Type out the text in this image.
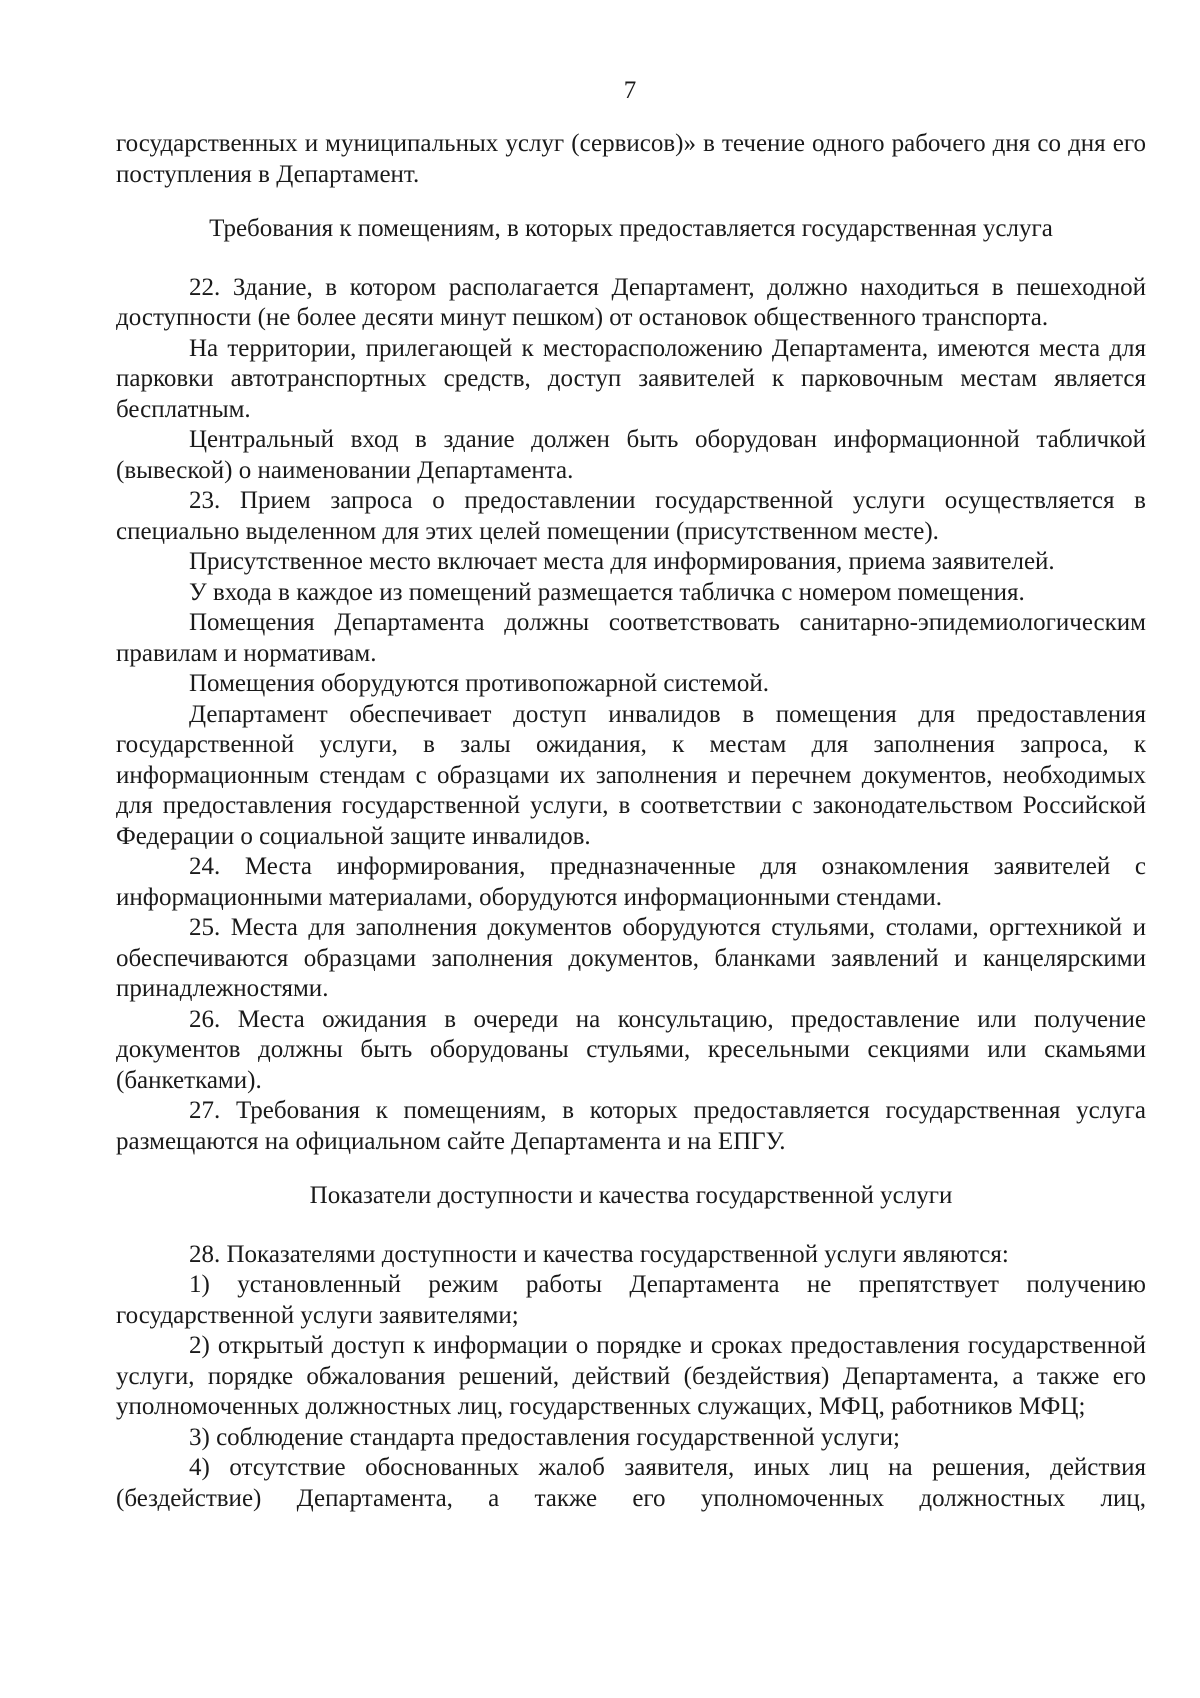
7

государственных и муниципальных услуг (сервисов)» в течение одного рабочего дня со дня его поступления в Департамент.

Требования к помещениям, в которых предоставляется государственная услуга

22. Здание, в котором располагается Департамент, должно находиться в пешеходной доступности (не более десяти минут пешком) от остановок общественного транспорта.

На территории, прилегающей к месторасположению Департамента, имеются места для парковки автотранспортных средств, доступ заявителей к парковочным местам является бесплатным.

Центральный вход в здание должен быть оборудован информационной табличкой (вывеской) о наименовании Департамента.

23. Прием запроса о предоставлении государственной услуги осуществляется в специально выделенном для этих целей помещении (присутственном месте).

Присутственное место включает места для информирования, приема заявителей.

У входа в каждое из помещений размещается табличка с номером помещения.

Помещения Департамента должны соответствовать санитарно-эпидемиологическим правилам и нормативам.

Помещения оборудуются противопожарной системой.

Департамент обеспечивает доступ инвалидов в помещения для предоставления государственной услуги, в залы ожидания, к местам для заполнения запроса, к информационным стендам с образцами их заполнения и перечнем документов, необходимых для предоставления государственной услуги, в соответствии с законодательством Российской Федерации о социальной защите инвалидов.

24. Места информирования, предназначенные для ознакомления заявителей с информационными материалами, оборудуются информационными стендами.

25. Места для заполнения документов оборудуются стульями, столами, оргтехникой и обеспечиваются образцами заполнения документов, бланками заявлений и канцелярскими принадлежностями.

26. Места ожидания в очереди на консультацию, предоставление или получение документов должны быть оборудованы стульями, кресельными секциями или скамьями (банкетками).

27. Требования к помещениям, в которых предоставляется государственная услуга размещаются на официальном сайте Департамента и на ЕПГУ.

Показатели доступности и качества государственной услуги

28. Показателями доступности и качества государственной услуги являются:

1) установленный режим работы Департамента не препятствует получению государственной услуги заявителями;

2) открытый доступ к информации о порядке и сроках предоставления государственной услуги, порядке обжалования решений, действий (бездействия) Департамента, а также его уполномоченных должностных лиц, государственных служащих, МФЦ, работников МФЦ;

3) соблюдение стандарта предоставления государственной услуги;

4) отсутствие обоснованных жалоб заявителя, иных лиц на решения, действия (бездействие) Департамента, а также его уполномоченных должностных лиц,
